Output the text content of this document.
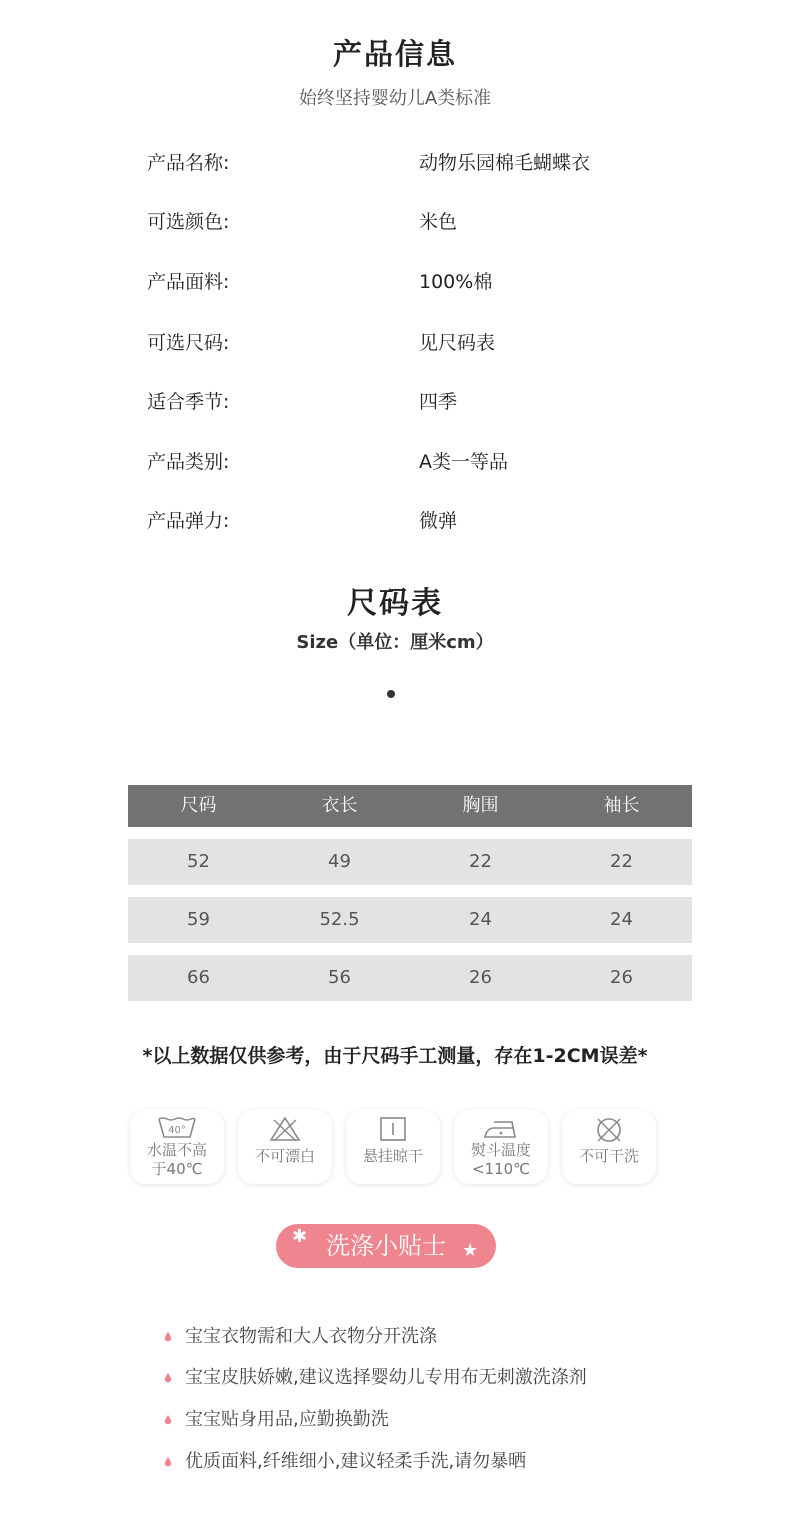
产品信息
始终坚持婴幼儿A类标准
产品名称:	动物乐园棉毛蝴蝶衣
可选颜色:	米色
产品面料:	100%棉
可选尺码:	见尺码表
适合季节:	四季
产品类别:	A类一等品
产品弹力:	微弹
尺码表
Size（单位：厘米cm）
尺码	衣长	胸围	袖长
52	49	22	22
59	52.5	24	24
66	56	26	26
*以上数据仅供参考，由于尺码手工测量，存在1-2CM误差*
40°
水温不高
于40℃
不可漂白	悬挂晾干	熨斗温度
<110℃
不可干洗
✱ 洗涤小贴士 ★
宝宝衣物需和大人衣物分开洗涤
宝宝皮肤娇嫩,建议选择婴幼儿专用布无刺激洗涤剂
宝宝贴身用品,应勤换勤洗
优质面料,纤维细小,建议轻柔手洗,请勿暴晒
